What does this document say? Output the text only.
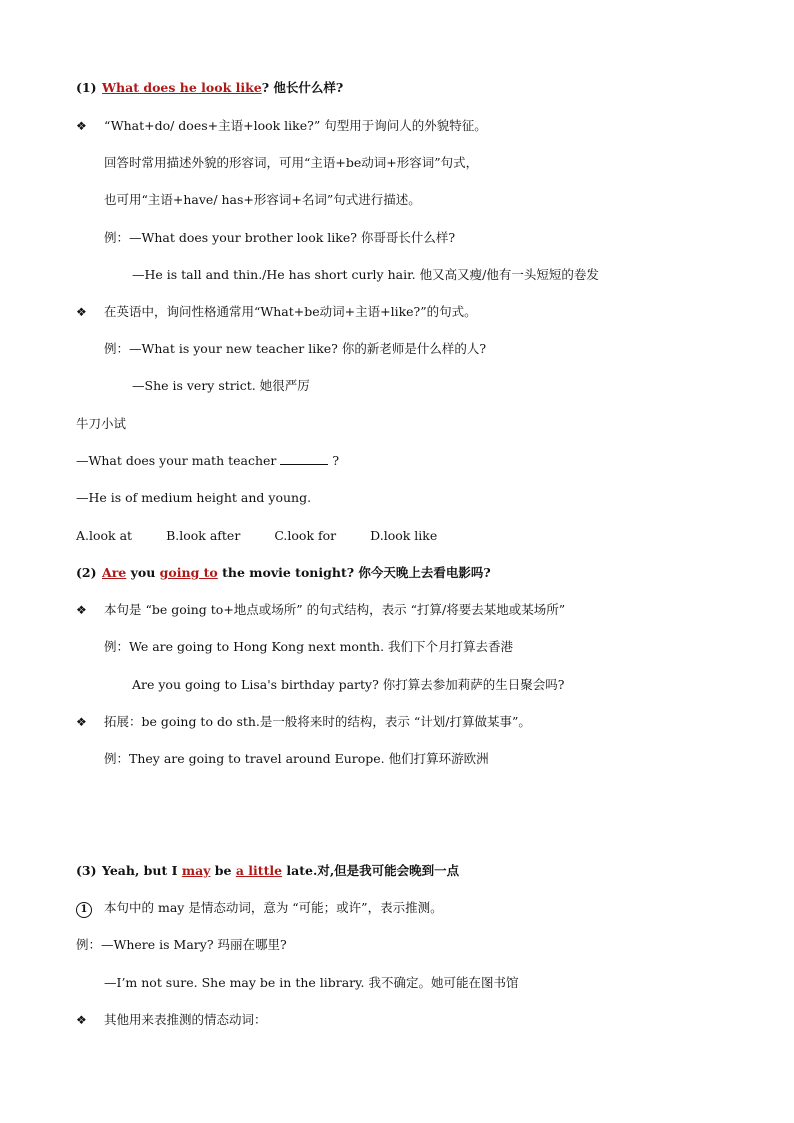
(1) What does he look like? 他长什么样?
❖ “What+do/ does+主语+look like?” 句型用于询问人的外貌特征。
回答时常用描述外貌的形容词，可用“主语+be动词+形容词”句式，
也可用“主语+have/ has+形容词+名词”句式进行描述。
例：—What does your brother look like? 你哥哥长什么样?
—He is tall and thin./He has short curly hair. 他又高又瘦/他有一头短短的卷发
❖ 在英语中，询问性格通常用“What+be动词+主语+like?”的句式。
例：—What is your new teacher like? 你的新老师是什么样的人?
—She is very strict. 她很严厉
牛刀小试
—What does your math teacher	?
—He is of medium height and young.
A.look at	B.look after	C.look for	D.look like
(2) Are you going to the movie tonight? 你今天晚上去看电影吗?
❖ 本句是 “be going to+地点或场所” 的句式结构，表示 “打算/将要去某地或某场所”
例：We are going to Hong Kong next month. 我们下个月打算去香港
Are you going to Lisa's birthday party? 你打算去参加莉萨的生日聚会吗?
❖ 拓展：be going to do sth.是一般将来时的结构，表示 “计划/打算做某事”。
例：They are going to travel around Europe. 他们打算环游欧洲
(3) Yeah, but I may be a little late.对,但是我可能会晚到一点
1 本句中的 may 是情态动词，意为 “可能；或许”，表示推测。
例：—Where is Mary? 玛丽在哪里?
—I’m not sure. She may be in the library. 我不确定。她可能在图书馆
❖ 其他用来表推测的情态动词：
